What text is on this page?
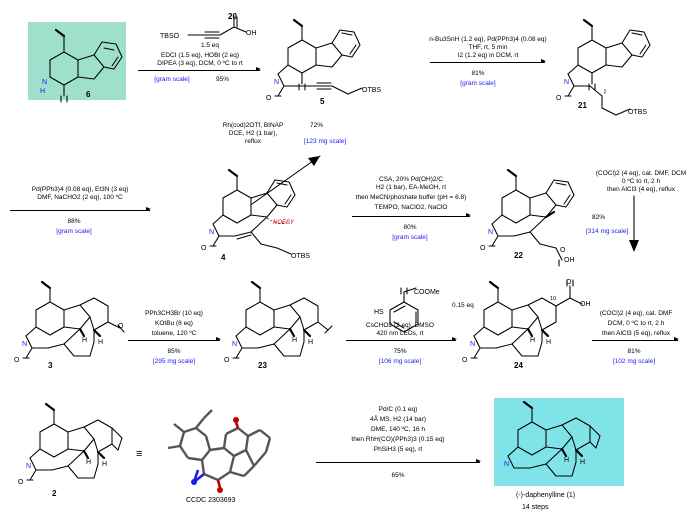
N
H	6
TBSO	OH
20
1.5 eq
EDCI (1.5 eq), HOBt (2 eq)
DIPEA (3 eq), DCM, 0 ºC to rt
[gram scale]	95%	N
O
OTBS
5
n-Bu3SnH (1.2 eq), Pd(PPh3)4 (0.08 eq)
THF, rt, 5 min
I2 (1.2 eq) in DCM, rt
81%
[gram scale]	N
O
I
OTBS
21
Rh(cod)2OTf, BINAP
DCE, H2 (1 bar),
reflux
72%
[123 mg scale]
N
O
OTBS
4
NOESY
Pd(PPh3)4 (0.08 eq), Et3N (3 eq)
DMF, NaCHO2 (2 eq), 100 ºC
88%
[gram scale]
CSA, 20% Pd(OH)2/C
H2 (1 bar), EA-MeOH, rt
then MeCN/phoshate buffer (pH = 6.8)
TEMPO, NaClO2, NaClO
80%
[gram scale]
N
O
OH
O
22
(COCl)2 (4 eq), cat. DMF, DCM
0 ºC to rt, 2 h
then AlCl3 (4 eq), reflux
82%
[314 mg scale]
N
O
H H
O
3
PPh3CH3Br (10 eq)
KOtBu (8 eq)
toluene, 120 ºC
85%
[295 mg scale]
N
O
H H
23
HS
COOMe
0.15 eq
CsCHO2 (2 eq), DMSO
420 nm LEDs, rt
75%
[106 mg scale]
N
O
H H
OH
O
10
24
(COCl)2 (4 eq), cat. DMF
DCM, 0 ºC to rt, 2 h
then AlCl3 (5 eq), reflux
81%
[102 mg scale]
N
O
H H
2
≡
CCDC 2303693
Pd/C (0.1 eq)
4Å MS, H2 (14 bar)
DME, 140 ºC, 16 h
then RhH(CO)(PPh3)3 (0.15 eq)
PhSiH3 (5 eq), rt
65%
N
H H
(-)-daphenylline (1)
14 steps
